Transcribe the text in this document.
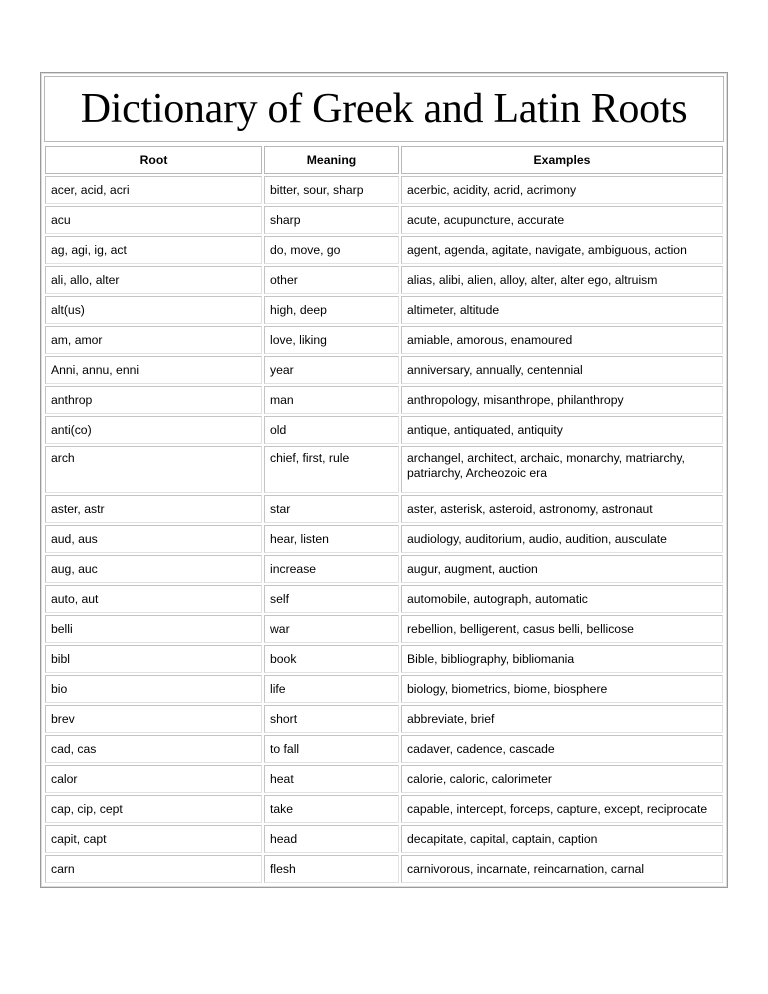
Dictionary of Greek and Latin Roots
Root	Meaning	Examples
acer, acid, acri	bitter, sour, sharp	acerbic, acidity, acrid, acrimony
acu	sharp	acute, acupuncture, accurate
ag, agi, ig, act	do, move, go	agent, agenda, agitate, navigate, ambiguous, action
ali, allo, alter	other	alias, alibi, alien, alloy, alter, alter ego, altruism
alt(us)	high, deep	altimeter, altitude
am, amor	love, liking	amiable, amorous, enamoured
Anni, annu, enni	year	anniversary, annually, centennial
anthrop	man	anthropology, misanthrope, philanthropy
anti(co)	old	antique, antiquated, antiquity
arch	chief, first, rule	archangel, architect, archaic, monarchy, matriarchy, patriarchy, Archeozoic era
aster, astr	star	aster, asterisk, asteroid, astronomy, astronaut
aud, aus	hear, listen	audiology, auditorium, audio, audition, ausculate
aug, auc	increase	augur, augment, auction
auto, aut	self	automobile, autograph, automatic
belli	war	rebellion, belligerent, casus belli, bellicose
bibl	book	Bible, bibliography, bibliomania
bio	life	biology, biometrics, biome, biosphere
brev	short	abbreviate, brief
cad, cas	to fall	cadaver, cadence, cascade
calor	heat	calorie, caloric, calorimeter
cap, cip, cept	take	capable, intercept, forceps, capture, except, reciprocate
capit, capt	head	decapitate, capital, captain, caption
carn	flesh	carnivorous, incarnate, reincarnation, carnal
